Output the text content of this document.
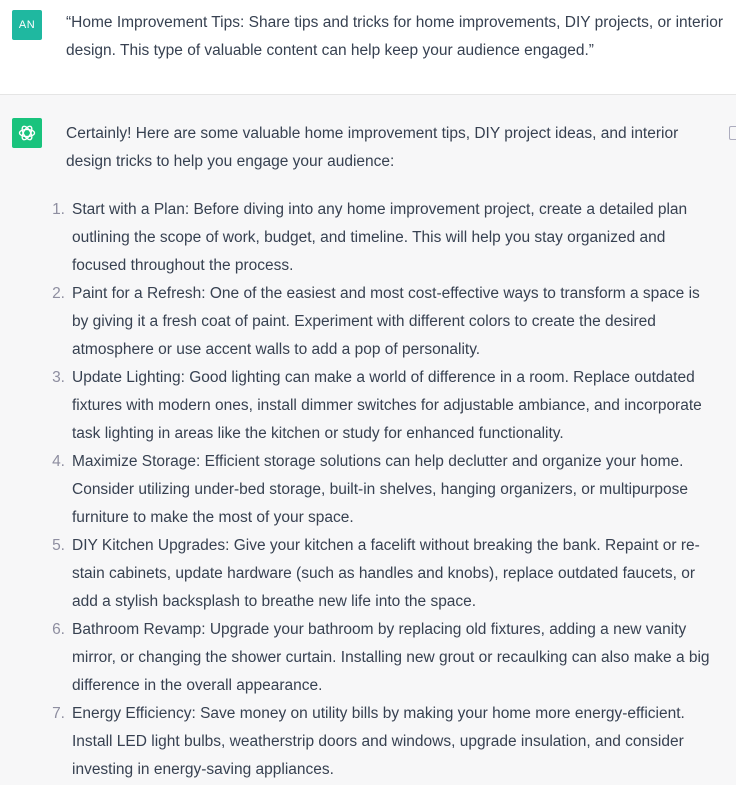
AN	“Home Improvement Tips: Share tips and tricks for home improvements, DIY projects, or interior design. This type of valuable content can help keep your audience engaged.”
Certainly! Here are some valuable home improvement tips, DIY project ideas, and interior design tricks to help you engage your audience:
1. Start with a Plan: Before diving into any home improvement project, create a detailed plan outlining the scope of work, budget, and timeline. This will help you stay organized and focused throughout the process.
2. Paint for a Refresh: One of the easiest and most cost-effective ways to transform a space is by giving it a fresh coat of paint. Experiment with different colors to create the desired atmosphere or use accent walls to add a pop of personality.
3. Update Lighting: Good lighting can make a world of difference in a room. Replace outdated fixtures with modern ones, install dimmer switches for adjustable ambiance, and incorporate task lighting in areas like the kitchen or study for enhanced functionality.
4. Maximize Storage: Efficient storage solutions can help declutter and organize your home. Consider utilizing under-bed storage, built-in shelves, hanging organizers, or multipurpose furniture to make the most of your space.
5. DIY Kitchen Upgrades: Give your kitchen a facelift without breaking the bank. Repaint or re-stain cabinets, update hardware (such as handles and knobs), replace outdated faucets, or add a stylish backsplash to breathe new life into the space.
6. Bathroom Revamp: Upgrade your bathroom by replacing old fixtures, adding a new vanity mirror, or changing the shower curtain. Installing new grout or recaulking can also make a big difference in the overall appearance.
7. Energy Efficiency: Save money on utility bills by making your home more energy-efficient. Install LED light bulbs, weatherstrip doors and windows, upgrade insulation, and consider investing in energy-saving appliances.
